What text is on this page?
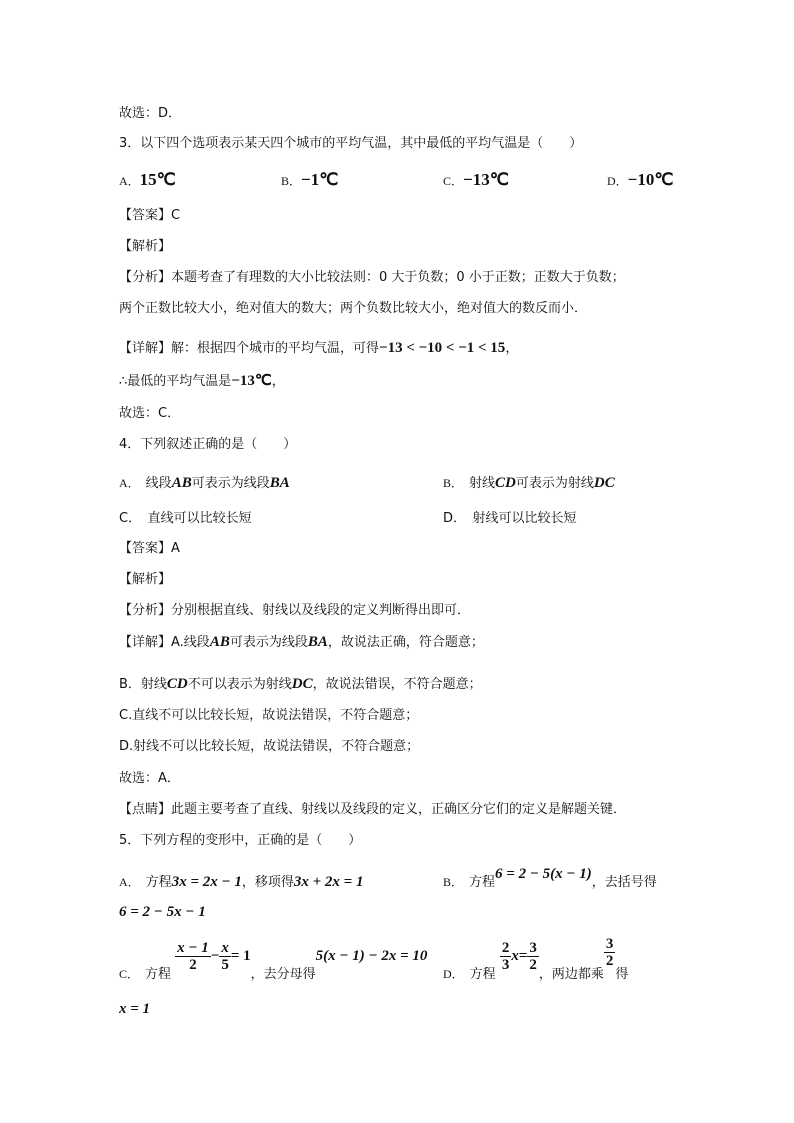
故选：D．
3．以下四个选项表示某天四个城市的平均气温，其中最低的平均气温是（　　）
A．15℃	B．−1℃	C．−13℃	D．−10℃
【答案】C
【解析】
【分析】本题考查了有理数的大小比较法则：0 大于负数；0 小于正数；正数大于负数；
两个正数比较大小，绝对值大的数大；两个负数比较大小，绝对值大的数反而小．
【详解】解：根据四个城市的平均气温，可得−13 < −10 < −1 < 15，
∴最低的平均气温是−13℃，
故选：C．
4．下列叙述正确的是（　　）
A． 线段AB可表示为线段BA	B． 射线CD可表示为射线DC
C．　直线可以比较长短	D．　射线可以比较长短
【答案】A
【解析】
【分析】分别根据直线、射线以及线段的定义判断得出即可．
【详解】A.线段AB可表示为线段BA，故说法正确，符合题意；
B．射线CD不可以表示为射线DC，故说法错误，不符合题意；
C.直线不可以比较长短，故说法错误，不符合题意；
D.射线不可以比较长短，故说法错误，不符合题意；
故选：A．
【点睛】此题主要考查了直线、射线以及线段的定义，正确区分它们的定义是解题关键．
5．下列方程的变形中，正确的是（　　）
A． 方程3x = 2x − 1，移项得3x + 2x = 1	B． 方程6 = 2 − 5(x − 1)，去括号得
6 = 2 − 5x − 1
C． 方程
$\frac{x - 1}{2} - \frac{x}{5} = 1$，去分母得5(x − 1) − 2x = 10
D． 方程
$\frac{2}{3} x= \frac{3}{2}$
，两边都乘
$\frac{3}{2}$
得
x = 1
